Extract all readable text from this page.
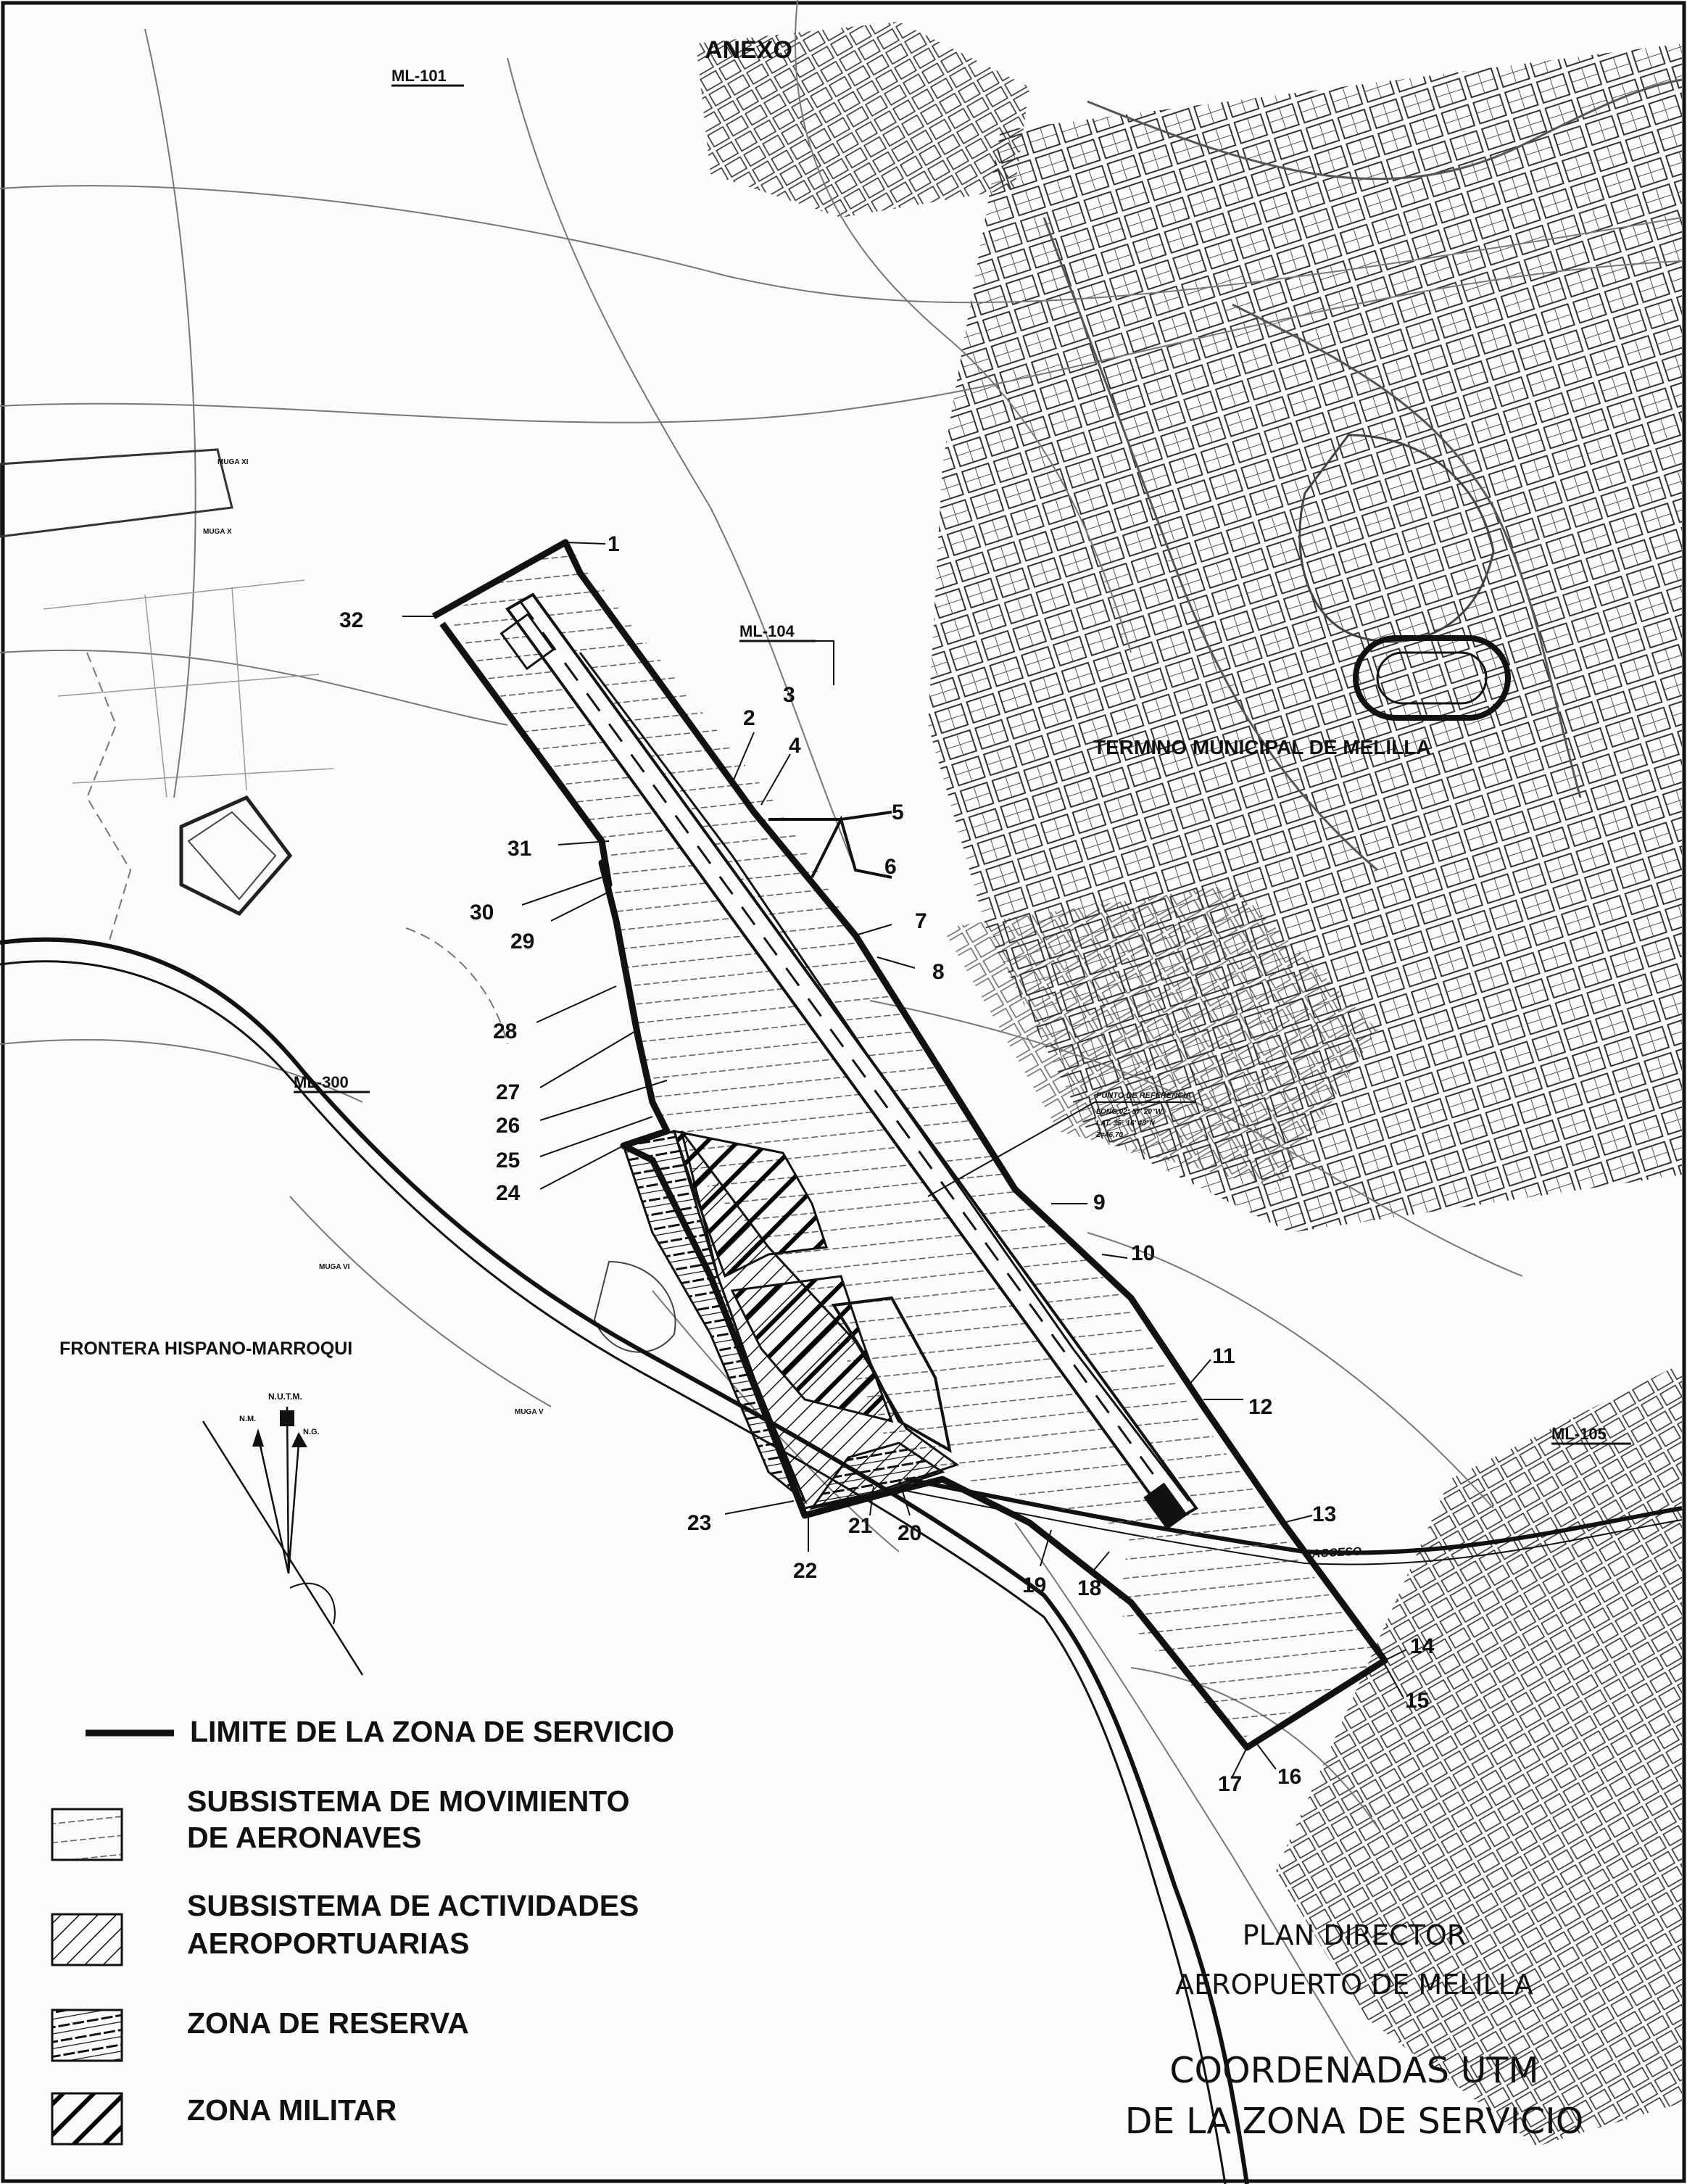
ML-101
ML-104
ML-300
ML-105
ANEXO
TERMINO MUNICIPAL DE MELILLA
FRONTERA HISPANO-MARROQUI
ACCESO
MUGA XI
MUGA X
MUGA VI
MUGA V
PUNTO DE REFERENCIA
LONG.02° 57' 20"W
LAT. 35° 16' 48"N
Z=46,70
N.U.T.M.
N.M.
N.G.
1
32
2
3
4
5
6
7
8
9
10
11
12
13
14
15
16
17
18
19
20
21
22
23
24
25
26
27
28
29
30
31
LIMITE DE LA ZONA DE SERVICIO
SUBSISTEMA DE MOVIMIENTO
DE AERONAVES
SUBSISTEMA DE ACTIVIDADES
AEROPORTUARIAS
ZONA DE RESERVA
ZONA MILITAR
PLAN DIRECTOR
AEROPUERTO DE MELILLA
COORDENADAS UTM
DE LA ZONA DE SERVICIO
